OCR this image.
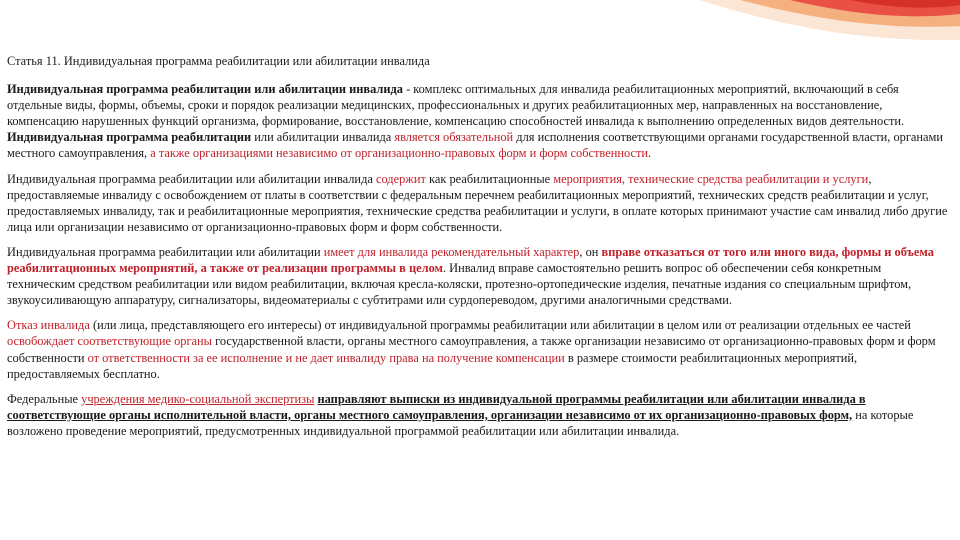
Статья 11. Индивидуальная программа реабилитации или абилитации инвалида

Индивидуальная программа реабилитации или абилитации инвалида - комплекс оптимальных для инвалида реабилитационных мероприятий, включающий в себя отдельные виды, формы, объемы, сроки и порядок реализации медицинских, профессиональных и других реабилитационных мер, направленных на восстановление, компенсацию нарушенных функций организма, формирование, восстановление, компенсацию способностей инвалида к выполнению определенных видов деятельности. Индивидуальная программа реабилитации или абилитации инвалида является обязательной для исполнения соответствующими органами государственной власти, органами местного самоуправления, а также организациями независимо от организационно-правовых форм и форм собственности.

Индивидуальная программа реабилитации или абилитации инвалида содержит как реабилитационные мероприятия, технические средства реабилитации и услуги, предоставляемые инвалиду с освобождением от платы в соответствии с федеральным перечнем реабилитационных мероприятий, технических средств реабилитации и услуг, предоставляемых инвалиду, так и реабилитационные мероприятия, технические средства реабилитации и услуги, в оплате которых принимают участие сам инвалид либо другие лица или организации независимо от организационно-правовых форм и форм собственности.

Индивидуальная программа реабилитации или абилитации имеет для инвалида рекомендательный характер, он вправе отказаться от того или иного вида, формы и объема реабилитационных мероприятий, а также от реализации программы в целом. Инвалид вправе самостоятельно решить вопрос об обеспечении себя конкретным техническим средством реабилитации или видом реабилитации, включая кресла-коляски, протезно-ортопедические изделия, печатные издания со специальным шрифтом, звукоусиливающую аппаратуру, сигнализаторы, видеоматериалы с субтитрами или сурдопереводом, другими аналогичными средствами.

Отказ инвалида (или лица, представляющего его интересы) от индивидуальной программы реабилитации или абилитации в целом или от реализации отдельных ее частей освобождает соответствующие органы государственной власти, органы местного самоуправления, а также организации независимо от организационно-правовых форм и форм собственности от ответственности за ее исполнение и не дает инвалиду права на получение компенсации в размере стоимости реабилитационных мероприятий, предоставляемых бесплатно.

Федеральные учреждения медико-социальной экспертизы направляют выписки из индивидуальной программы реабилитации или абилитации инвалида в соответствующие органы исполнительной власти, органы местного самоуправления, организации независимо от их организационно-правовых форм, на которые возложено проведение мероприятий, предусмотренных индивидуальной программой реабилитации или абилитации инвалида.
